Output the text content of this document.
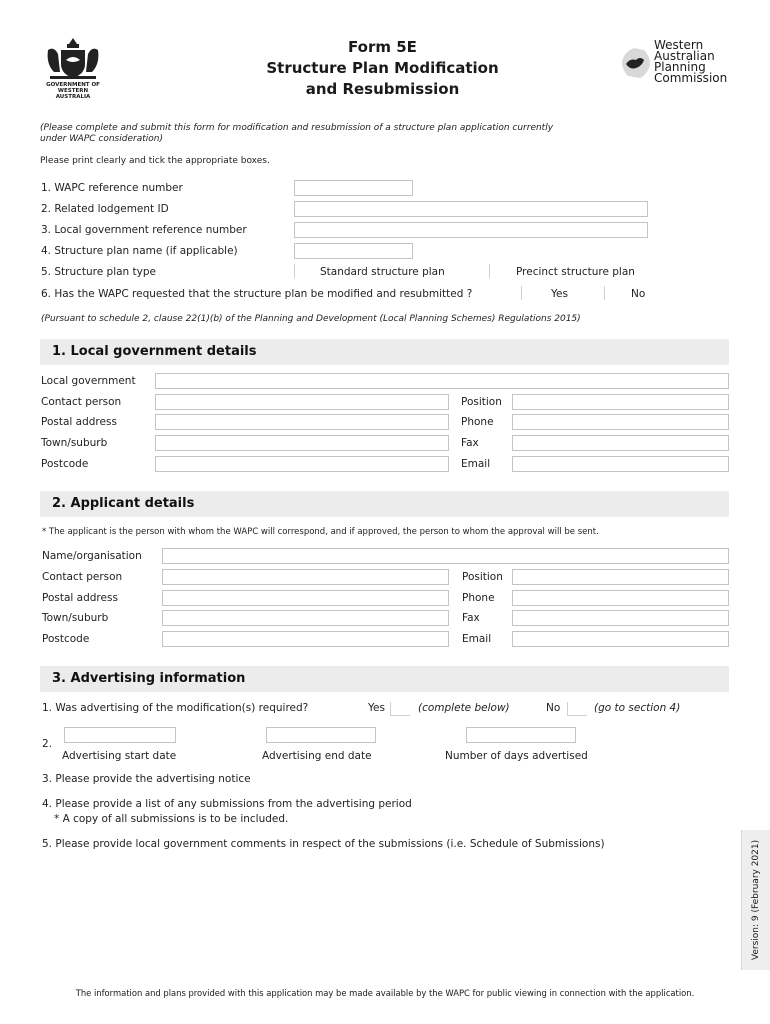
GOVERNMENT OF
WESTERN AUSTRALIA
Form 5E
Structure Plan Modification
and Resubmission
Western
Australian
Planning
Commission
(Please complete and submit this form for modification and resubmission of a structure plan application currently
under WAPC consideration)
Please print clearly and tick the appropriate boxes.
1. WAPC reference number
2. Related lodgement ID
3. Local government reference number
4. Structure plan name (if applicable)
5. Structure plan type	Standard structure plan	Precinct structure plan
6. Has the WAPC requested that the structure plan be modified and resubmitted ?	Yes	No
(Pursuant to schedule 2, clause 22(1)(b) of the Planning and Development (Local Planning Schemes) Regulations 2015)
1. Local government details
Local government
Contact person	Position
Postal address	Phone
Town/suburb	Fax
Postcode	Email
2. Applicant details
* The applicant is the person with whom the WAPC will correspond, and if approved, the person to whom the approval will be sent.
Name/organisation
Contact person	Position
Postal address	Phone
Town/suburb	Fax
Postcode	Email
3. Advertising information
1. Was advertising of the modification(s) required?	Yes	(complete below)	No	(go to section 4)
2.
Advertising start date	Advertising end date	Number of days advertised
3. Please provide the advertising notice
4. Please provide a list of any submissions from the advertising period
* A copy of all submissions is to be included.
5. Please provide local government comments in respect of the submissions (i.e. Schedule of Submissions)	Version: 9 (February 2021)
The information and plans provided with this application may be made available by the WAPC for public viewing in connection with the application.
